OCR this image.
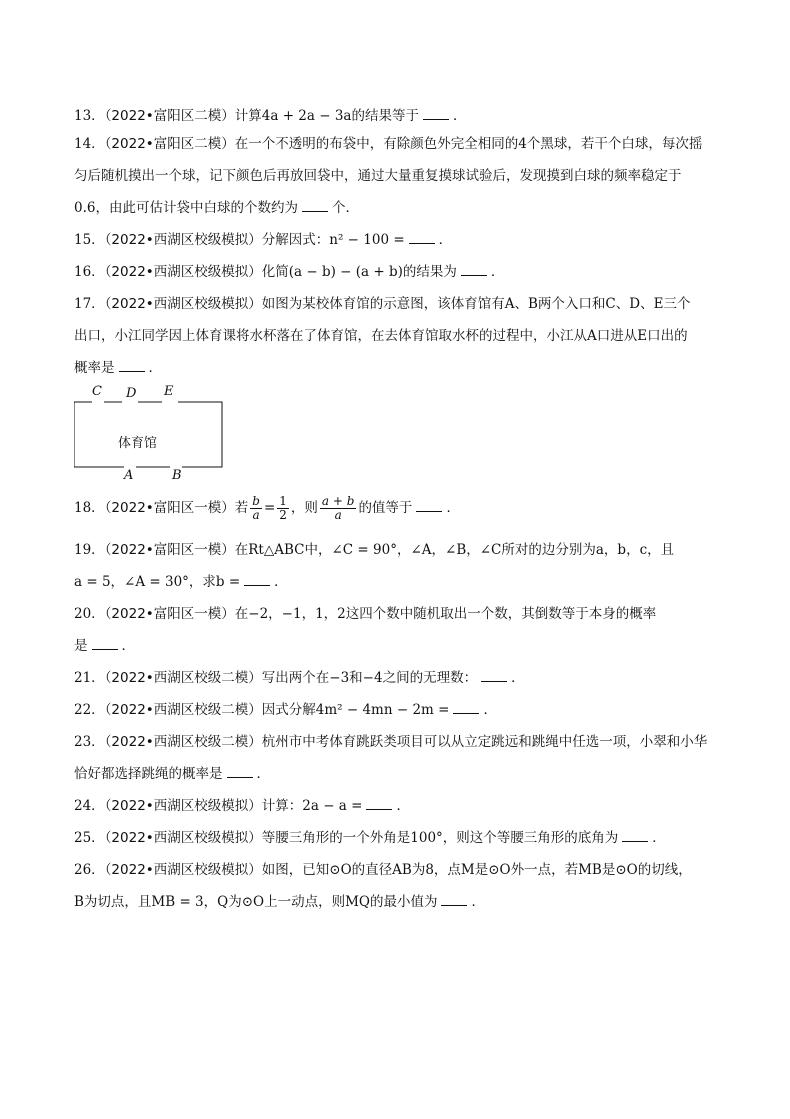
13．（2022•富阳区二模）计算4a + 2a − 3a的结果等于	．
14．（2022•富阳区二模）在一个不透明的布袋中，有除颜色外完全相同的4个黑球，若干个白球，每次摇
匀后随机摸出一个球，记下颜色后再放回袋中，通过大量重复摸球试验后，发现摸到白球的频率稳定于
0.6，由此可估计袋中白球的个数约为	个．
15．（2022•西湖区校级模拟）分解因式：n² − 100 =	．
16．（2022•西湖区校级模拟）化简(a − b) − (a + b)的结果为	．
17．（2022•西湖区校级模拟）如图为某校体育馆的示意图，该体育馆有A、B两个入口和C、D、E三个
出口，小江同学因上体育课将水杯落在了体育馆，在去体育馆取水杯的过程中，小江从A口进从E口出的
概率是	．
19．（2022•富阳区一模）在Rt△ABC中，∠C = 90°，∠A，∠B，∠C所对的边分别为a，b，c，且
a = 5，∠A = 30°，求b =	．
20．（2022•富阳区一模）在−2，−1，1，2这四个数中随机取出一个数，其倒数等于本身的概率
是	．
21．（2022•西湖区校级二模）写出两个在−3和−4之间的无理数：	．
22．（2022•西湖区校级二模）因式分解4m² − 4mn − 2m =	．
23．（2022•西湖区校级二模）杭州市中考体育跳跃类项目可以从立定跳远和跳绳中任选一项，小翠和小华
恰好都选择跳绳的概率是	．
24．（2022•西湖区校级模拟）计算：2a − a =	．
25．（2022•西湖区校级模拟）等腰三角形的一个外角是100°，则这个等腰三角形的底角为	．
26．（2022•西湖区校级模拟）如图，已知⊙O的直径AB为8，点M是⊙O外一点，若MB是⊙O的切线，
B为切点，且MB = 3，Q为⊙O上一动点，则MQ的最小值为	．
18．（2022•富阳区一模）若 $\frac{b}{a} = \frac{1}{2}$ ，则 $\frac{a + b}{a}$ 的值等于	．
C D E
体育馆
A	B
